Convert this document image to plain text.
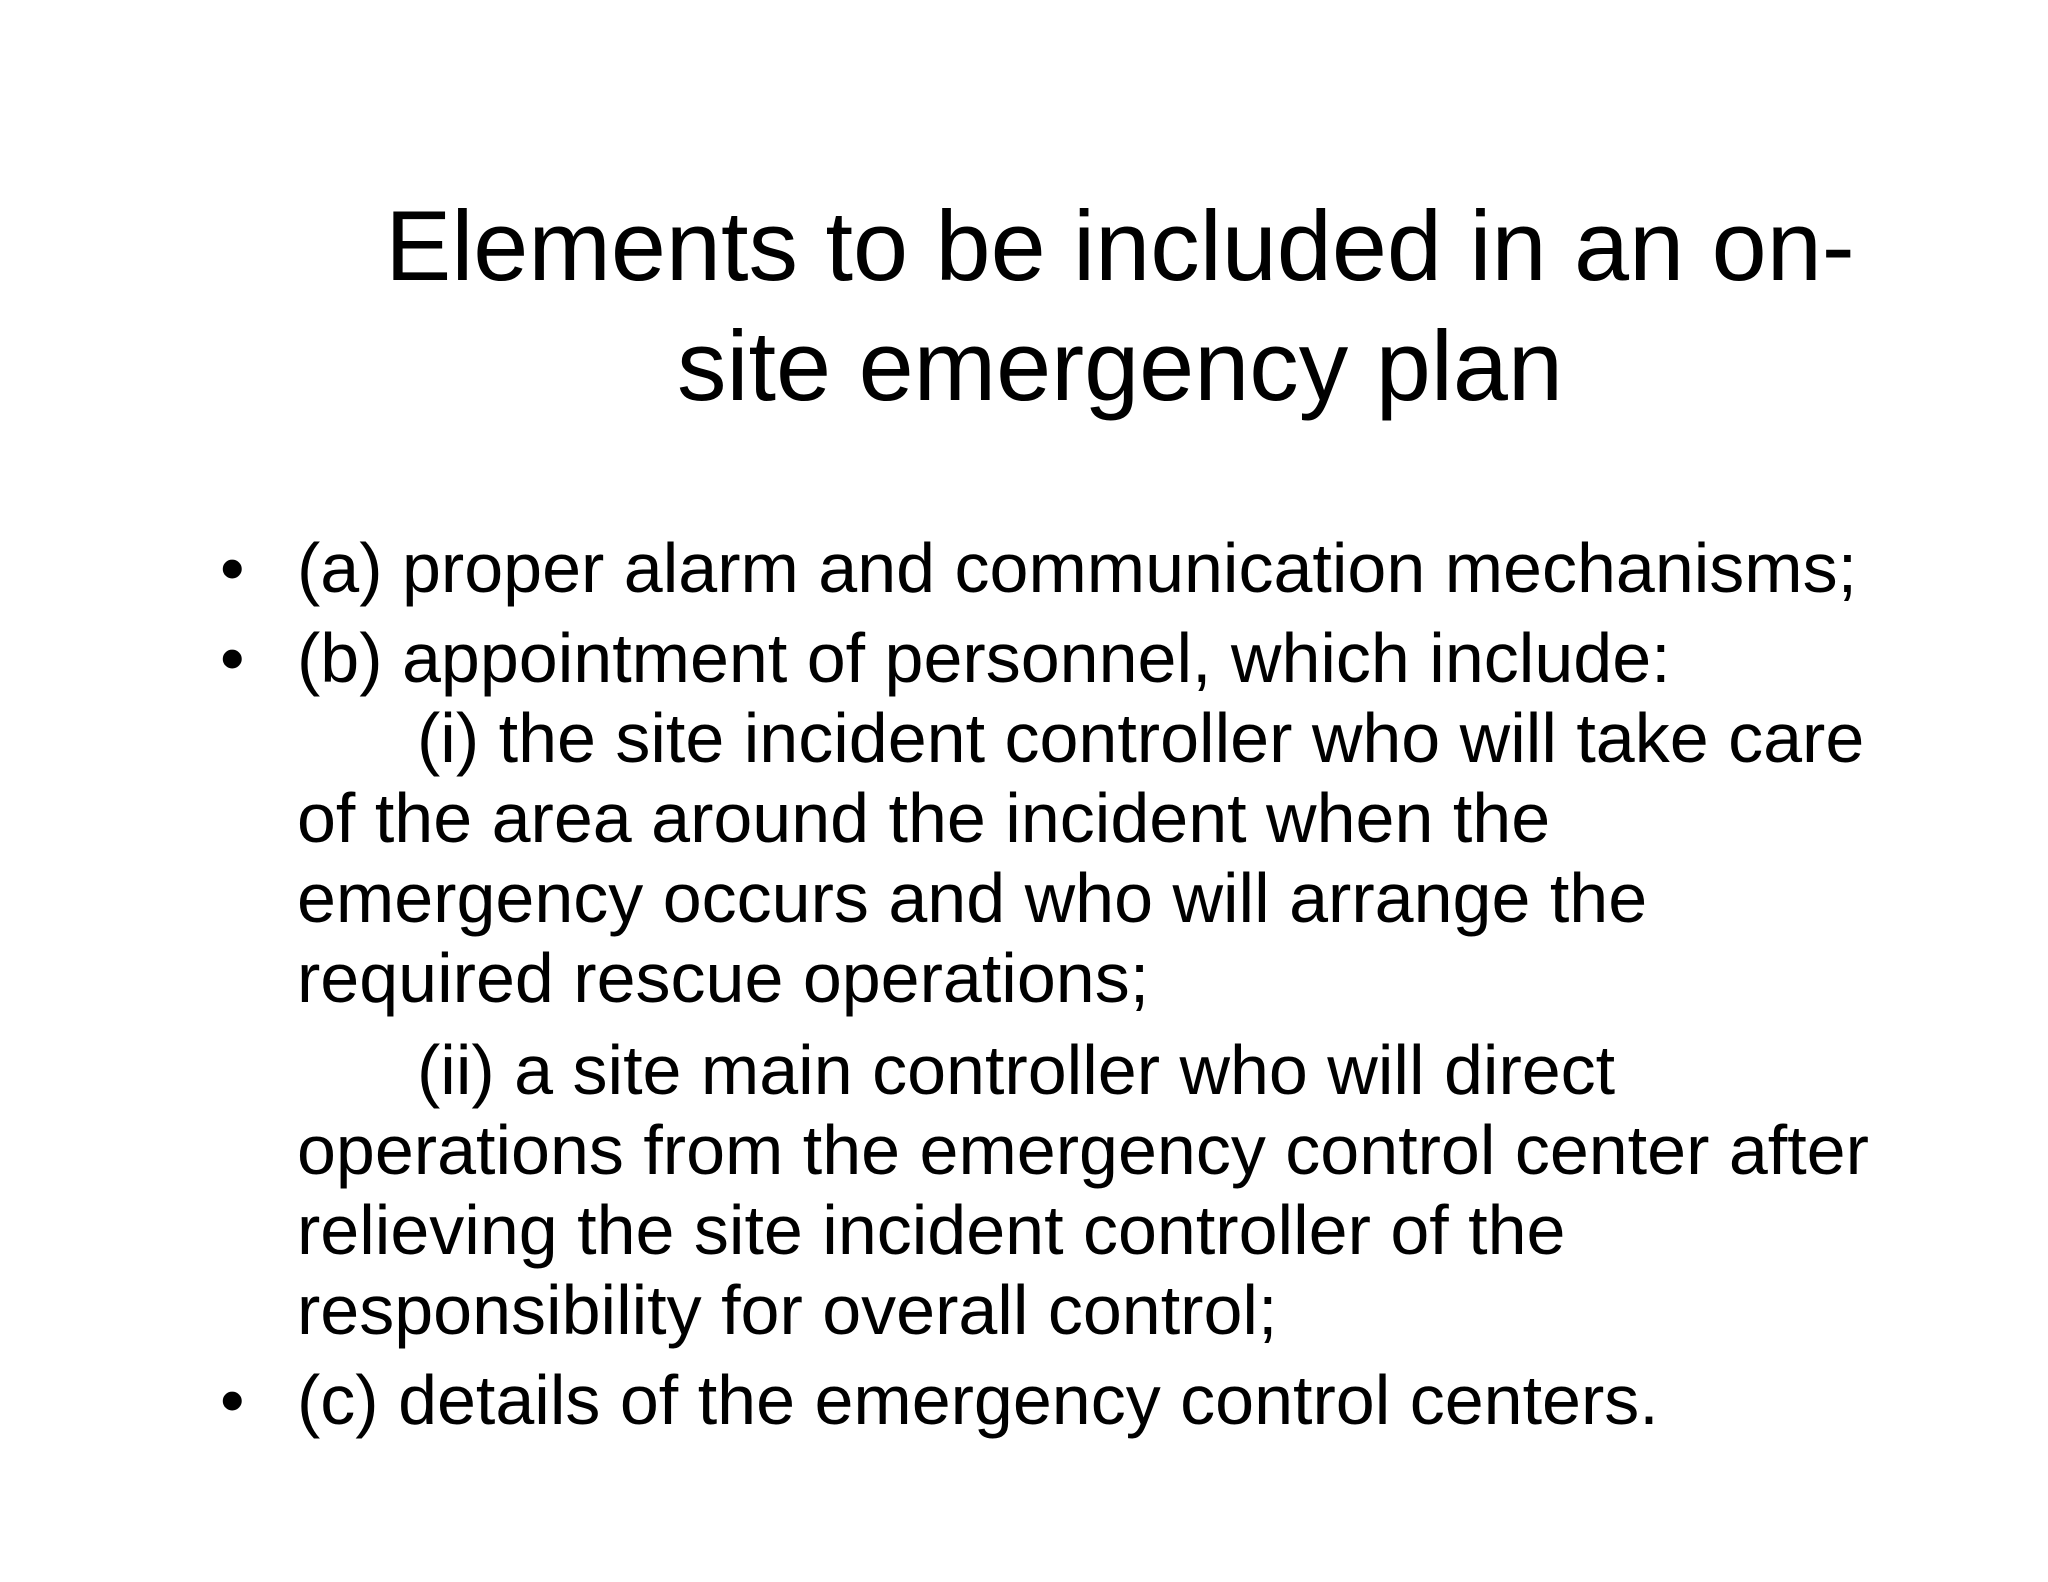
Elements to be included in an on-
site emergency plan
• (a) proper alarm and communication mechanisms;
• (b) appointment of personnel, which include:
(i) the site incident controller who will take care
of the area around the incident when the
emergency occurs and who will arrange the
required rescue operations;
(ii) a site main controller who will direct
operations from the emergency control center after
relieving the site incident controller of the
responsibility for overall control;
• (c) details of the emergency control centers.
